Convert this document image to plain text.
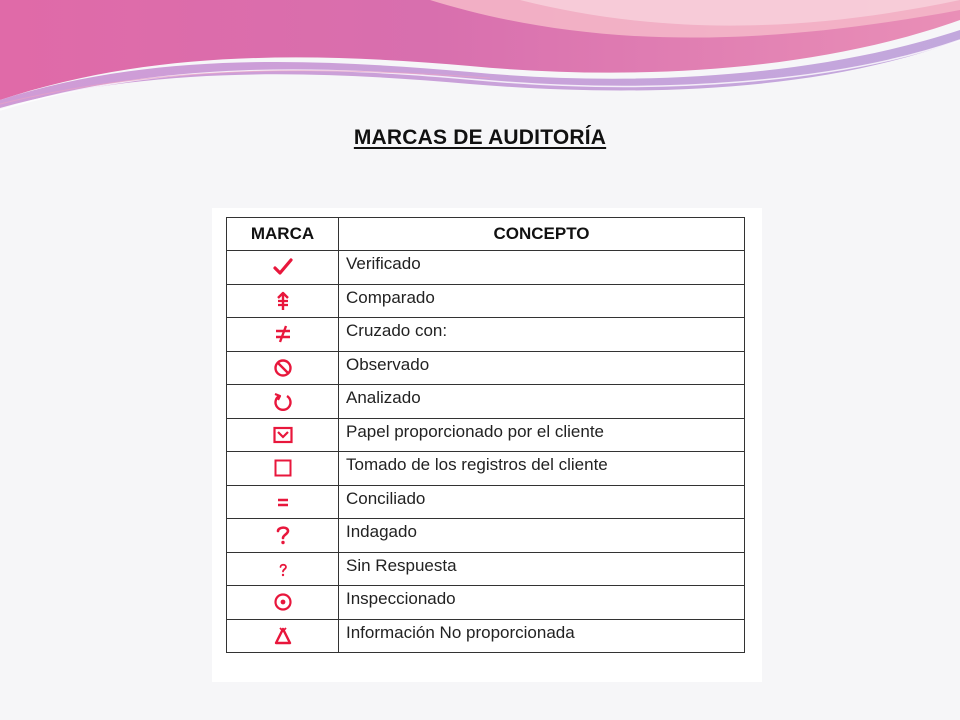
MARCAS DE AUDITORÍA
MARCA	CONCEPTO

	Verificado

	Comparado

	Cruzado con:

	Observado

	Analizado

	Papel proporcionado por el cliente

	Tomado de los registros del cliente

	Conciliado

	Indagado

	Sin Respuesta

	Inspeccionado

	Información No proporcionada
